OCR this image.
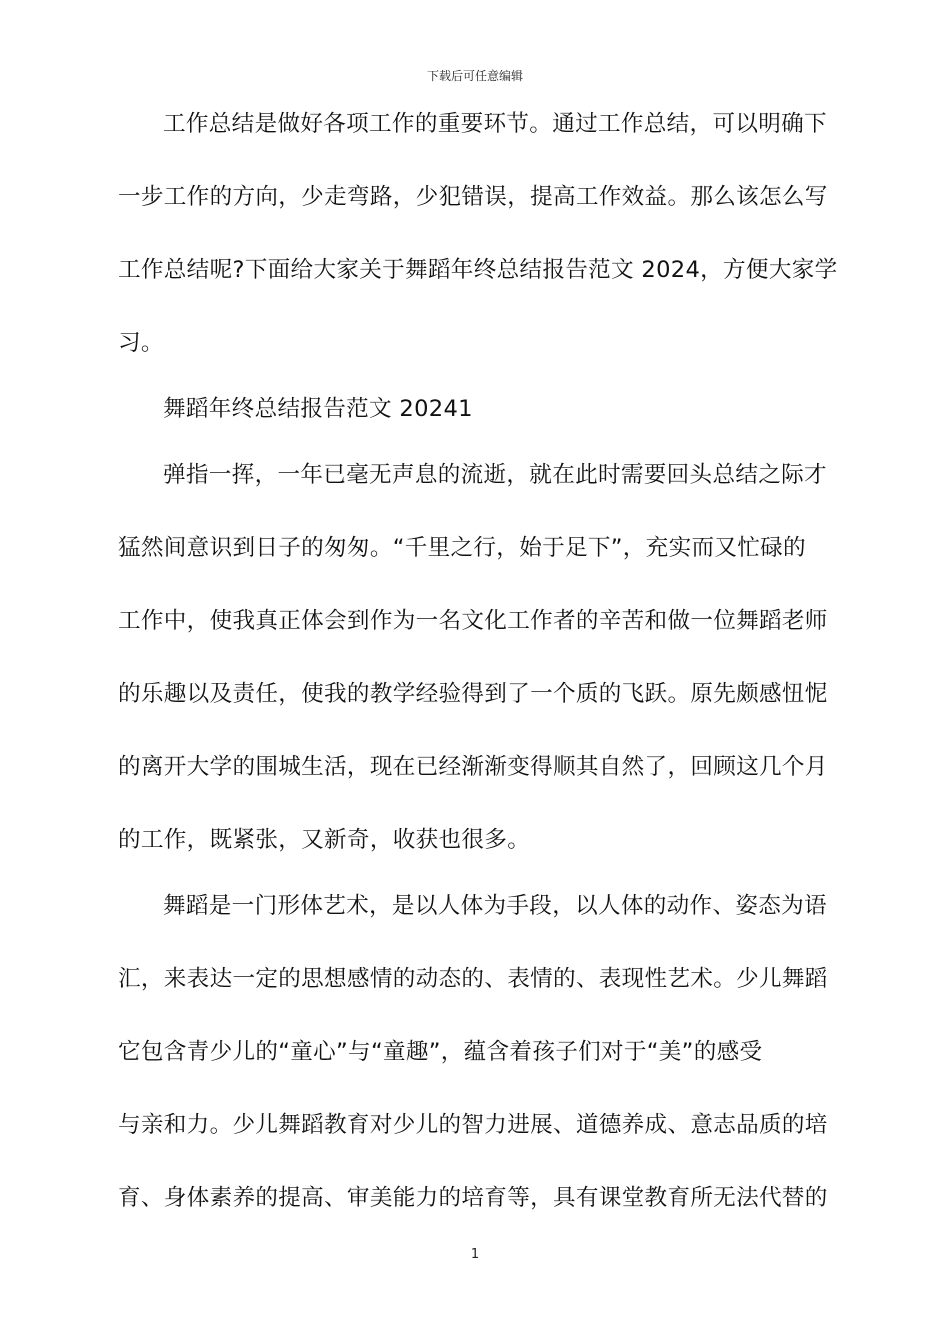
下载后可任意编辑
工作总结是做好各项工作的重要环节。通过工作总结，可以明确下
一步工作的方向，少走弯路，少犯错误，提高工作效益。那么该怎么写
工作总结呢?下面给大家关于舞蹈年终总结报告范文 2024，方便大家学
习。
舞蹈年终总结报告范文 20241
弹指一挥，一年已毫无声息的流逝，就在此时需要回头总结之际才
猛然间意识到日子的匆匆。“千里之行，始于足下”，充实而又忙碌的
工作中，使我真正体会到作为一名文化工作者的辛苦和做一位舞蹈老师
的乐趣以及责任，使我的教学经验得到了一个质的飞跃。原先颇感忸怩
的离开大学的围城生活，现在已经渐渐变得顺其自然了，回顾这几个月
的工作，既紧张，又新奇，收获也很多。
舞蹈是一门形体艺术，是以人体为手段，以人体的动作、姿态为语
汇，来表达一定的思想感情的动态的、表情的、表现性艺术。少儿舞蹈
它包含青少儿的“童心”与“童趣”，蕴含着孩子们对于“美”的感受
与亲和力。少儿舞蹈教育对少儿的智力进展、道德养成、意志品质的培
育、身体素养的提高、审美能力的培育等，具有课堂教育所无法代替的
1
